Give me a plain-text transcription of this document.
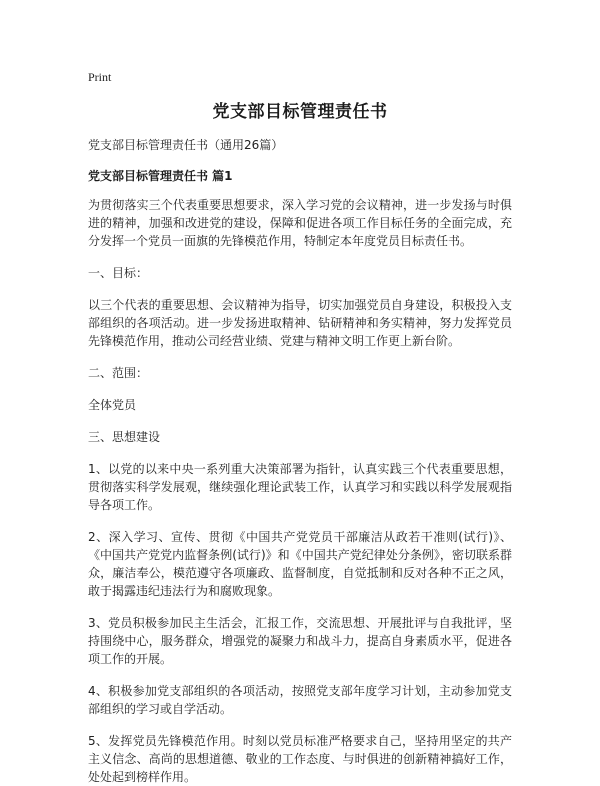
Print
党支部目标管理责任书
党支部目标管理责任书（通用26篇）
党支部目标管理责任书 篇1

为贯彻落实三个代表重要思想要求，深入学习党的会议精神，进一步发扬与时俱进的精神，加强和改进党的建设，保障和促进各项工作目标任务的全面完成，充分发挥一个党员一面旗的先锋模范作用，特制定本年度党员目标责任书。

一、目标：

以三个代表的重要思想、会议精神为指导，切实加强党员自身建设，积极投入支部组织的各项活动。进一步发扬进取精神、钻研精神和务实精神，努力发挥党员先锋模范作用，推动公司经营业绩、党建与精神文明工作更上新台阶。

二、范围：

全体党员

三、思想建设

1、以党的以来中央一系列重大决策部署为指针，认真实践三个代表重要思想，贯彻落实科学发展观，继续强化理论武装工作，认真学习和实践以科学发展观指导各项工作。

2、深入学习、宣传、贯彻《中国共产党党员干部廉洁从政若干准则(试行)》、《中国共产党党内监督条例(试行)》和《中国共产党纪律处分条例》，密切联系群众，廉洁奉公，模范遵守各项廉政、监督制度，自觉抵制和反对各种不正之风，敢于揭露违纪违法行为和腐败现象。

3、党员积极参加民主生活会，汇报工作，交流思想、开展批评与自我批评，坚持围绕中心，服务群众，增强党的凝聚力和战斗力，提高自身素质水平，促进各项工作的开展。

4、积极参加党支部组织的各项活动，按照党支部年度学习计划，主动参加党支部组织的学习或自学活动。

5、发挥党员先锋模范作用。时刻以党员标准严格要求自己，坚持用坚定的共产主义信念、高尚的思想道德、敬业的工作态度、与时俱进的创新精神搞好工作，处处起到榜样作用。
